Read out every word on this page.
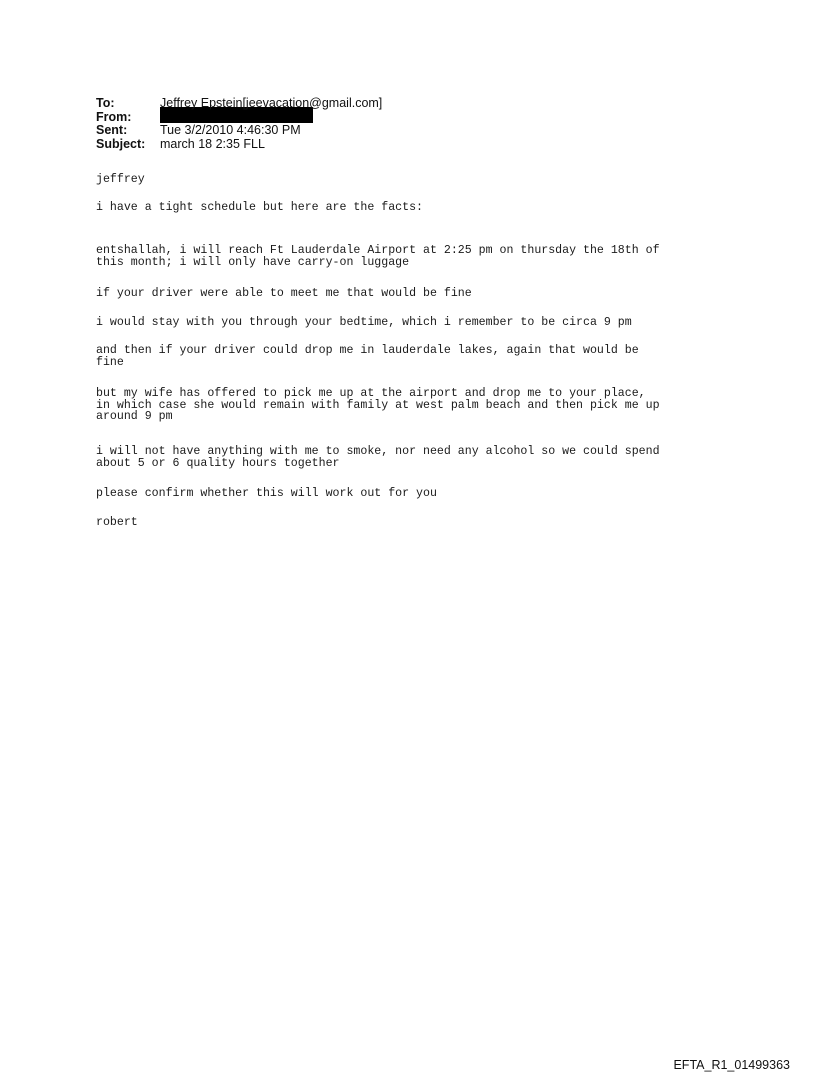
To:	Jeffrey Epstein[jeevacation@gmail.com]
From:
Sent:	Tue 3/2/2010 4:46:30 PM
Subject:	march 18 2:35 FLL

jeffrey

i have a tight schedule but here are the facts:

entshallah, i will reach Ft Lauderdale Airport at 2:25 pm on thursday the 18th of
this month; i will only have carry-on luggage

if your driver were able to meet me that would be fine

i would stay with you through your bedtime, which i remember to be circa 9 pm

and then if your driver could drop me in lauderdale lakes, again that would be
fine

but my wife has offered to pick me up at the airport and drop me to your place,
in which case she would remain with family at west palm beach and then pick me up
around 9 pm

i will not have anything with me to smoke, nor need any alcohol so we could spend
about 5 or 6 quality hours together

please confirm whether this will work out for you

robert

EFTA_R1_01499363
